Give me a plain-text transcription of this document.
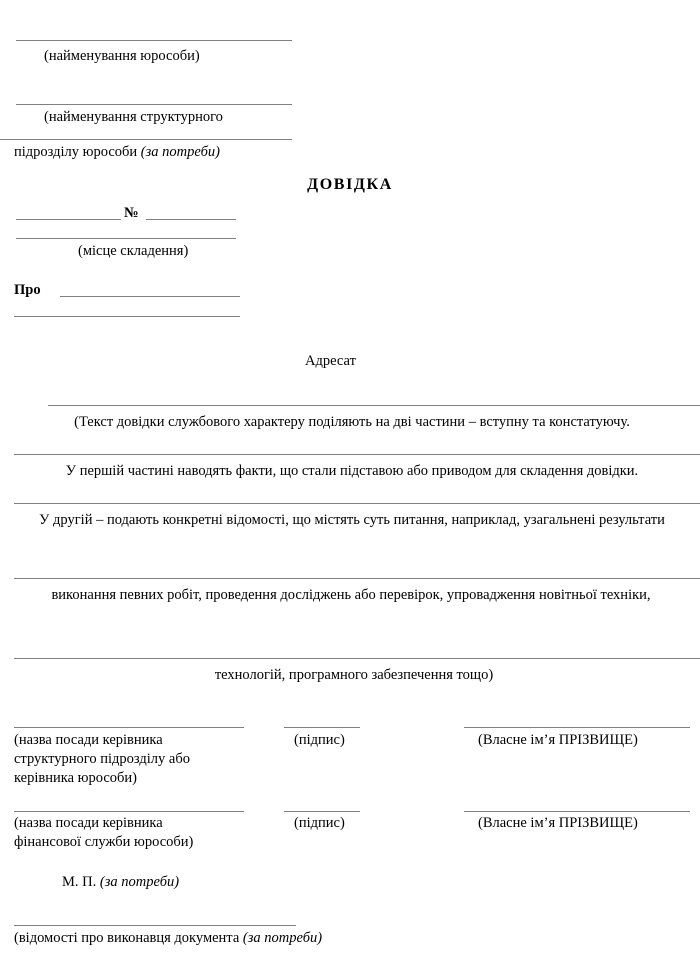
(найменування юрособи)
(найменування структурного
підрозділу юрособи (за потреби)
ДОВІДКА
№
(місце складення)
Про
Адресат
(Текст довідки службового характеру поділяють на дві частини – вступну та констатуючу.
У першій частині наводять факти, що стали підставою або приводом для складення довідки.
У другій – подають конкретні відомості, що містять суть питання, наприклад, узагальнені результати
виконання певних робіт, проведення досліджень або перевірок, упровадження новітньої техніки,
технологій, програмного забезпечення тощо)
(назва посади керівника
структурного підрозділу або
керівника юрособи)
(підпис)	(Власне ім’я ПРІЗВИЩЕ)
(назва посади керівника
фінансової служби юрособи)
(підпис)	(Власне ім’я ПРІЗВИЩЕ)
М. П. (за потреби)
(відомості про виконавця документа (за потреби)
